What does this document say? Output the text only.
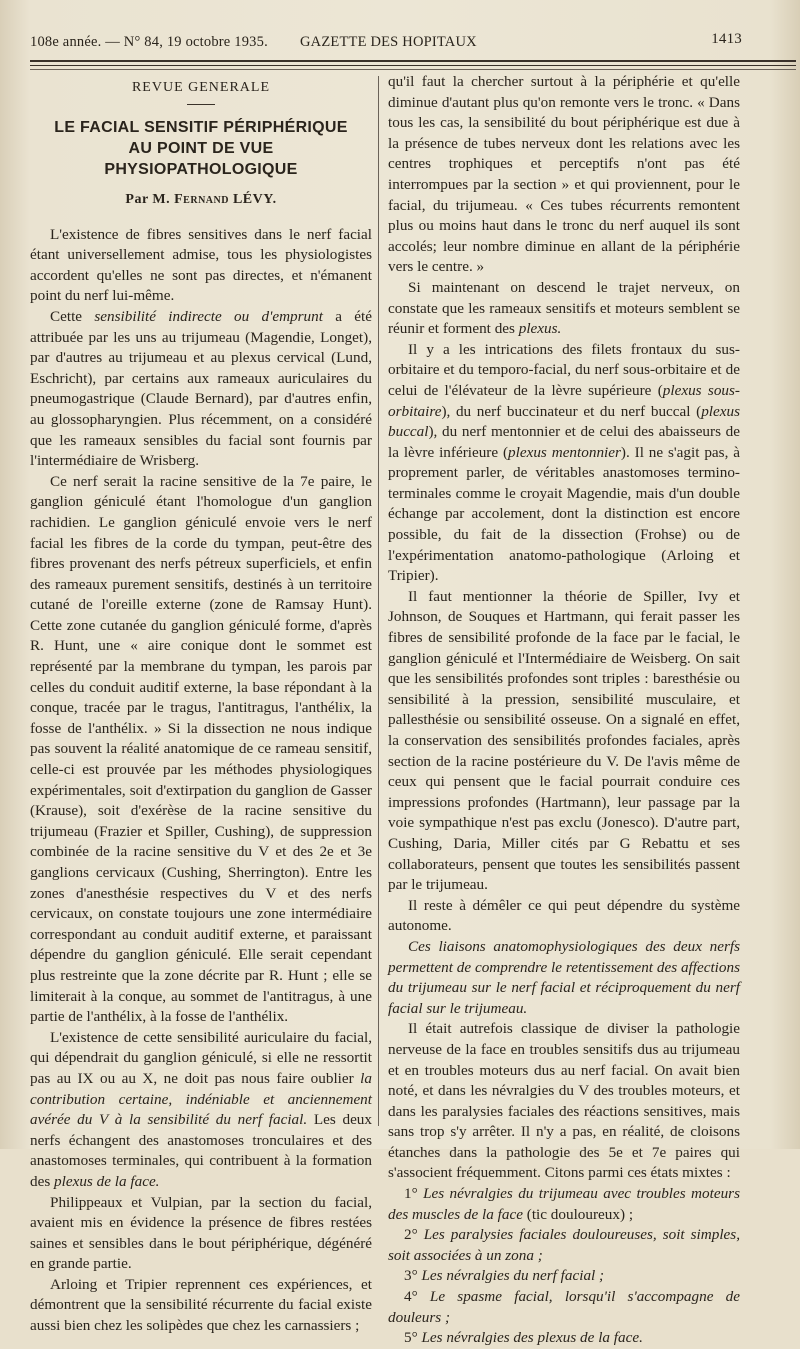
108e année. — N° 84, 19 octobre 1935. GAZETTE DES HOPITAUX	1413
REVUE GENERALE
LE FACIAL SENSITIF PÉRIPHÉRIQUE
AU POINT DE VUE PHYSIOPATHOLOGIQUE
Par M. Fernand LÉVY.

L'existence de fibres sensitives dans le nerf facial étant universellement admise, tous les physiologistes accordent qu'elles ne sont pas directes, et n'émanent point du nerf lui-même.

Cette sensibilité indirecte ou d'emprunt a été attribuée par les uns au trijumeau (Magendie, Longet), par d'autres au trijumeau et au plexus cervical (Lund, Eschricht), par certains aux rameaux auriculaires du pneumogastrique (Claude Bernard), par d'autres enfin, au glossopharyngien. Plus récemment, on a considéré que les rameaux sensibles du facial sont fournis par l'intermédiaire de Wrisberg.

Ce nerf serait la racine sensitive de la 7e paire, le ganglion géniculé étant l'homologue d'un ganglion rachidien. Le ganglion géniculé envoie vers le nerf facial les fibres de la corde du tympan, peut-être des fibres provenant des nerfs pétreux superficiels, et enfin des rameaux purement sensitifs, destinés à un territoire cutané de l'oreille externe (zone de Ramsay Hunt). Cette zone cutanée du ganglion géniculé forme, d'après R. Hunt, une « aire conique dont le sommet est représenté par la membrane du tympan, les parois par celles du conduit auditif externe, la base répondant à la conque, tracée par le tragus, l'antitragus, l'anthélix, la fosse de l'anthélix. » Si la dissection ne nous indique pas souvent la réalité anatomique de ce rameau sensitif, celle-ci est prouvée par les méthodes physiologiques expérimentales, soit d'extirpation du ganglion de Gasser (Krause), soit d'exérèse de la racine sensitive du trijumeau (Frazier et Spiller, Cushing), de suppression combinée de la racine sensitive du V et des 2e et 3e ganglions cervicaux (Cushing, Sherrington). Entre les zones d'anesthésie respectives du V et des nerfs cervicaux, on constate toujours une zone intermédiaire correspondant au conduit auditif externe, et paraissant dépendre du ganglion géniculé. Elle serait cependant plus restreinte que la zone décrite par R. Hunt ; elle se limiterait à la conque, au sommet de l'antitragus, à une partie de l'anthélix, à la fosse de l'anthélix.

L'existence de cette sensibilité auriculaire du facial, qui dépendrait du ganglion géniculé, si elle ne ressortit pas au IX ou au X, ne doit pas nous faire oublier la contribution certaine, indéniable et anciennement avérée du V à la sensibilité du nerf facial. Les deux nerfs échangent des anastomoses tronculaires et des anastomoses terminales, qui contribuent à la formation des plexus de la face.

Philippeaux et Vulpian, par la section du facial, avaient mis en évidence la présence de fibres restées saines et sensibles dans le bout périphérique, dégénéré en grande partie.

Arloing et Tripier reprennent ces expériences, et démontrent que la sensibilité récurrente du facial existe aussi bien chez les solipèdes que chez les carnassiers ;

qu'il faut la chercher surtout à la périphérie et qu'elle diminue d'autant plus qu'on remonte vers le tronc. « Dans tous les cas, la sensibilité du bout périphérique est due à la présence de tubes nerveux dont les relations avec les centres trophiques et perceptifs n'ont pas été interrompues par la section » et qui proviennent, pour le facial, du trijumeau. « Ces tubes récurrents remontent plus ou moins haut dans le tronc du nerf auquel ils sont accolés; leur nombre diminue en allant de la périphérie vers le centre. »

Si maintenant on descend le trajet nerveux, on constate que les rameaux sensitifs et moteurs semblent se réunir et forment des plexus.

Il y a les intrications des filets frontaux du sus-orbitaire et du temporo-facial, du nerf sous-orbitaire et de celui de l'élévateur de la lèvre supérieure (plexus sous-orbitaire), du nerf buccinateur et du nerf buccal (plexus buccal), du nerf mentonnier et de celui des abaisseurs de la lèvre inférieure (plexus mentonnier). Il ne s'agit pas, à proprement parler, de véritables anastomoses termino-terminales comme le croyait Magendie, mais d'un double échange par accolement, dont la distinction est encore possible, du fait de la dissection (Frohse) ou de l'expérimentation anatomo-pathologique (Arloing et Tripier).

Il faut mentionner la théorie de Spiller, Ivy et Johnson, de Souques et Hartmann, qui ferait passer les fibres de sensibilité profonde de la face par le facial, le ganglion géniculé et l'Intermédiaire de Weisberg. On sait que les sensibilités profondes sont triples : baresthésie ou sensibilité à la pression, sensibilité musculaire, et pallesthésie ou sensibilité osseuse. On a signalé en effet, la conservation des sensibilités profondes faciales, après section de la racine postérieure du V. De l'avis même de ceux qui pensent que le facial pourrait conduire ces impressions profondes (Hartmann), leur passage par la voie sympathique n'est pas exclu (Jonesco). D'autre part, Cushing, Daria, Miller cités par G Rebattu et ses collaborateurs, pensent que toutes les sensibilités passent par le trijumeau.

Il reste à démêler ce qui peut dépendre du système autonome.

Ces liaisons anatomophysiologiques des deux nerfs permettent de comprendre le retentissement des affections du trijumeau sur le nerf facial et réciproquement du nerf facial sur le trijumeau.

Il était autrefois classique de diviser la pathologie nerveuse de la face en troubles sensitifs dus au trijumeau et en troubles moteurs dus au nerf facial. On avait bien noté, et dans les névralgies du V des troubles moteurs, et dans les paralysies faciales des réactions sensitives, mais sans trop s'y arrêter. Il n'y a pas, en réalité, de cloisons étanches dans la pathologie des 5e et 7e paires qui s'associent fréquemment. Citons parmi ces états mixtes :

1° Les névralgies du trijumeau avec troubles moteurs des muscles de la face (tic douloureux) ;

2° Les paralysies faciales douloureuses, soit simples, soit associées à un zona ;

3° Les névralgies du nerf facial ;

4° Le spasme facial, lorsqu'il s'accompagne de douleurs ;

5° Les névralgies des plexus de la face.
